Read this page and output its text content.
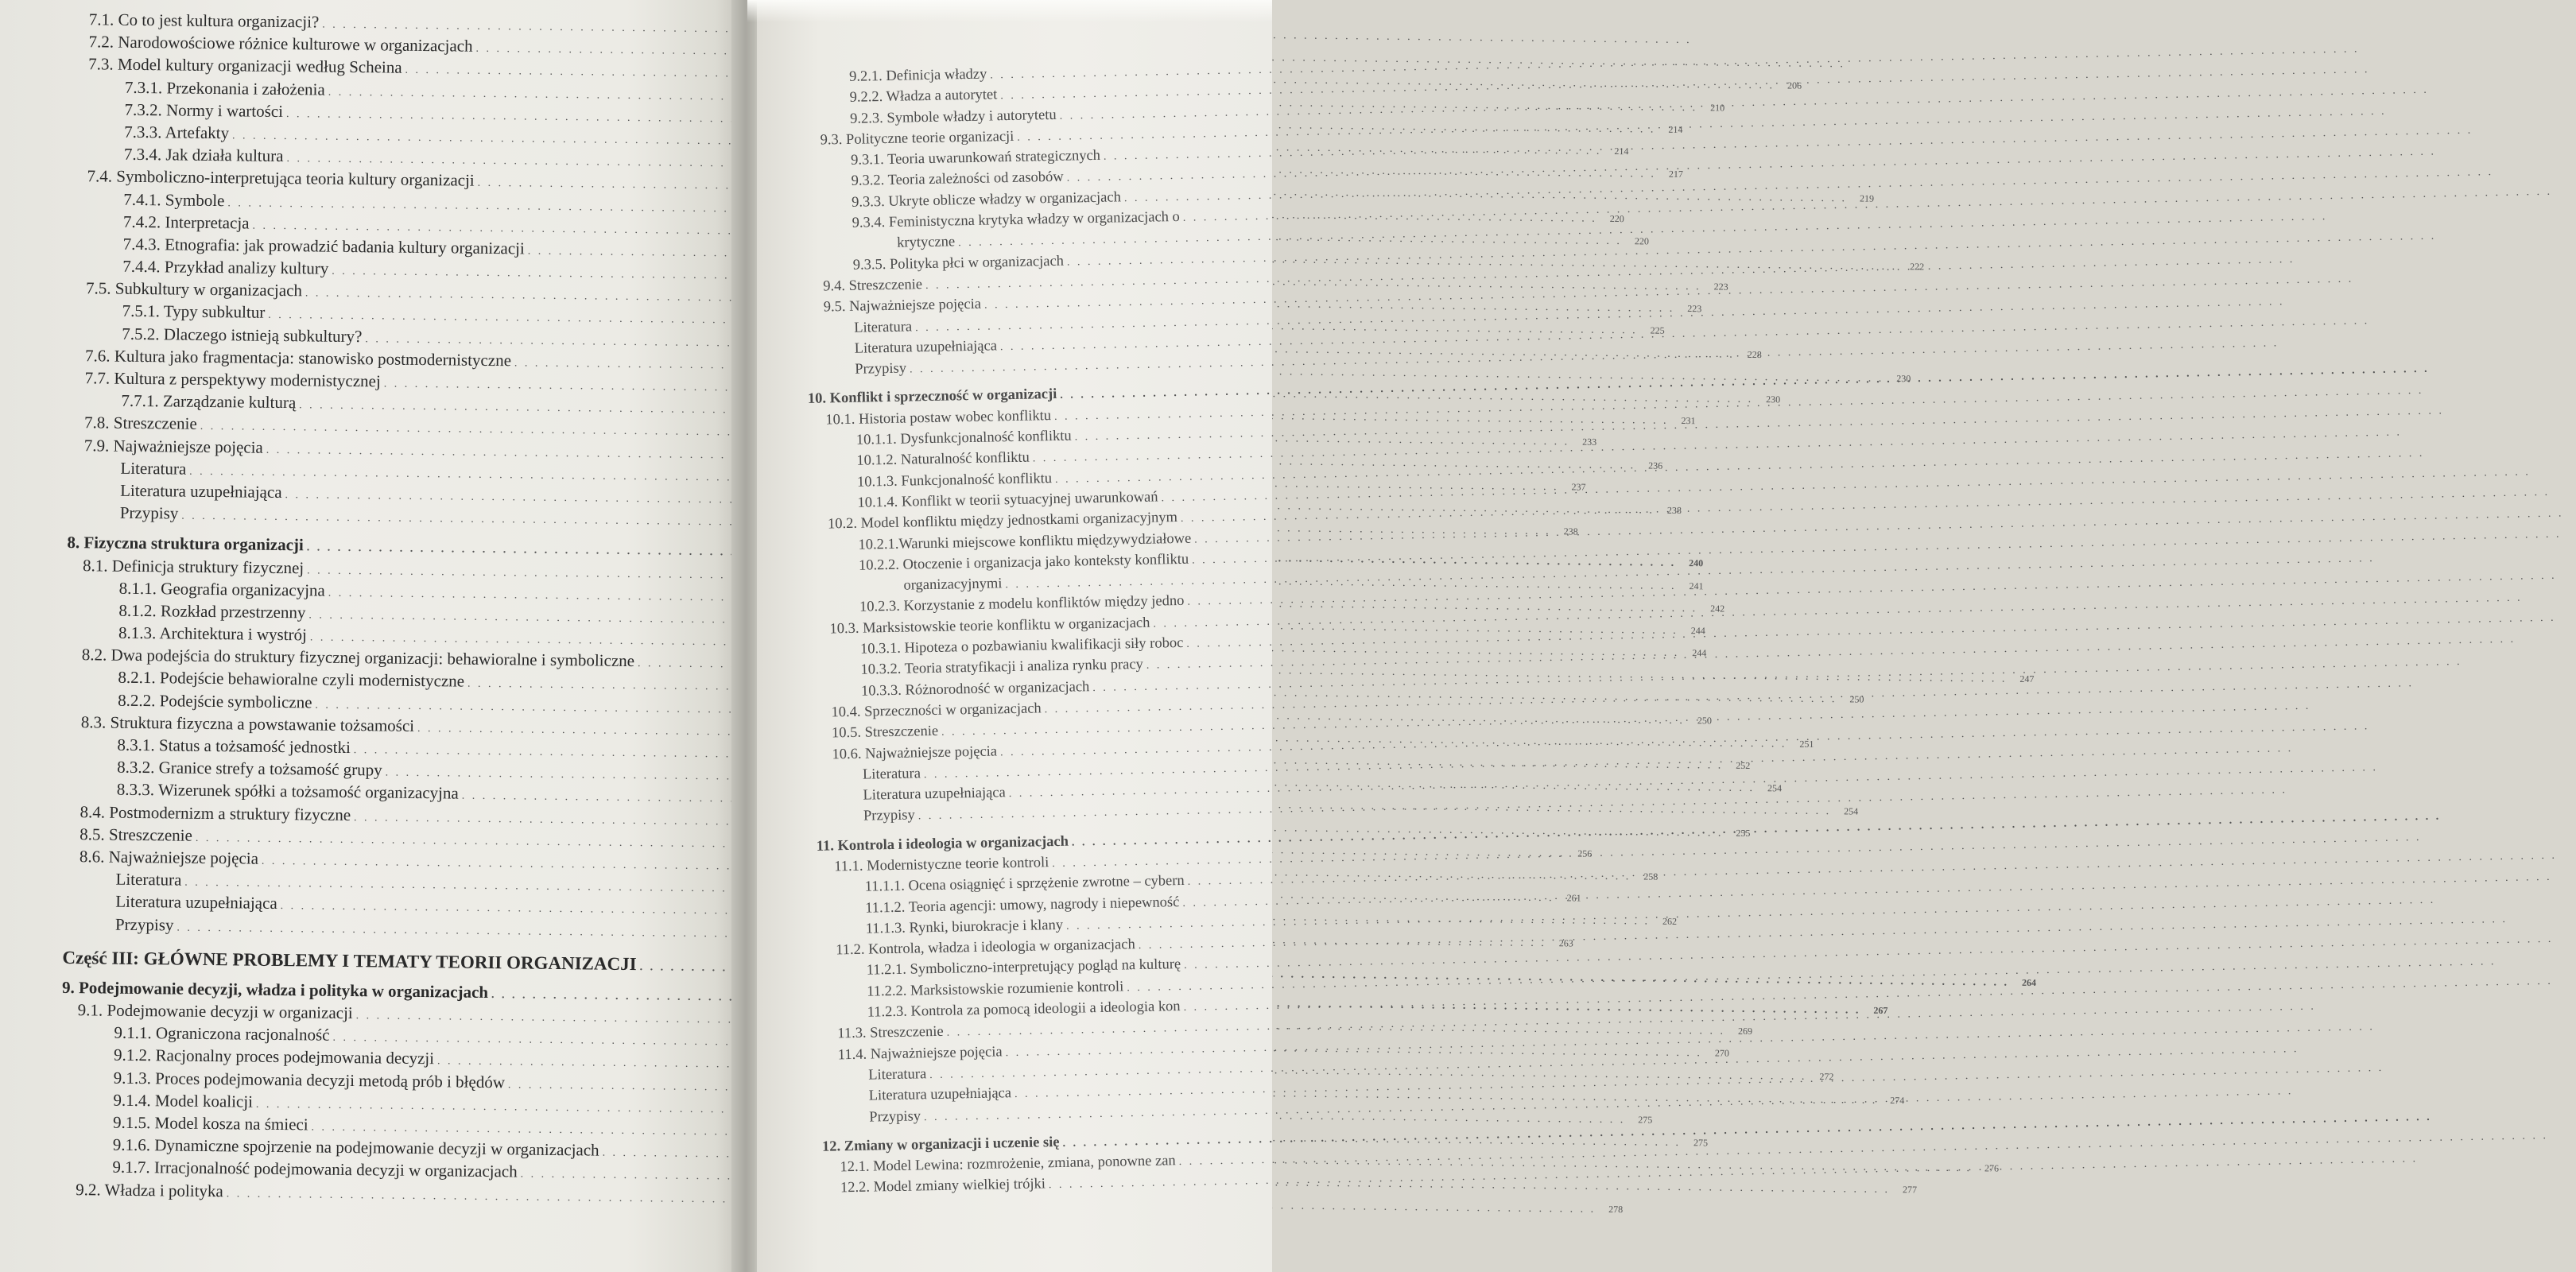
7.1. Co to jest kultura organizacji?
. . .
7.2. Narodowościowe różnice kulturowe w organizacjach
. . .
7.3. Model kultury organizacji według Scheina
. . .
206
7.3.1. Przekonania i założenia
. . .
210
7.3.2. Normy i wartości
. . .
214
7.3.3. Artefakty
. . .
214
7.3.4. Jak działa kultura
. . .
217
7.4. Symboliczno-interpretująca teoria kultury organizacji
. . .
219
7.4.1. Symbole
. . .
220
7.4.2. Interpretacja
. . .
220
7.4.3. Etnografia: jak prowadzić badania kultury organizacji
. . .
222
7.4.4. Przykład analizy kultury
. . .
223
7.5. Subkultury w organizacjach
. . .
223
7.5.1. Typy subkultur
. . .
225
7.5.2. Dlaczego istnieją subkultury?
. . .
228
7.6. Kultura jako fragmentacja: stanowisko postmodernistyczne
. . .
230
7.7. Kultura z perspektywy modernistycznej
. . .
230
7.7.1. Zarządzanie kulturą
. . .
231
7.8. Streszczenie
. . .
233
7.9. Najważniejsze pojęcia
. . .
236
Literatura
. . .
237
Literatura uzupełniająca
. . .
238
Przypisy
. . .
238
8. Fizyczna struktura organizacji
. . .
240
8.1. Definicja struktury fizycznej
. . .
241
8.1.1. Geografia organizacyjna
. . .
242
8.1.2. Rozkład przestrzenny
. . .
244
8.1.3. Architektura i wystrój
. . .
244
8.2. Dwa podejścia do struktury fizycznej organizacji: behawioralne i symboliczne
. . .
247
8.2.1. Podejście behawioralne czyli modernistyczne
. . .
250
8.2.2. Podejście symboliczne
. . .
250
8.3. Struktura fizyczna a powstawanie tożsamości
. . .
251
8.3.1. Status a tożsamość jednostki
. . .
252
8.3.2. Granice strefy a tożsamość grupy
. . .
254
8.3.3. Wizerunek spółki a tożsamość organizacyjna
. . .
254
8.4. Postmodernizm a struktury fizyczne
. . .
255
8.5. Streszczenie
. . .
256
8.6. Najważniejsze pojęcia
. . .
258
Literatura
. . .
261
Literatura uzupełniająca
. . .
262
Przypisy
. . .
263
Część III: GŁÓWNE PROBLEMY I TEMATY TEORII ORGANIZACJI
. . .
264
9. Podejmowanie decyzji, władza i polityka w organizacjach
. . .
267
9.1. Podejmowanie decyzji w organizacji
. . .
269
9.1.1. Ograniczona racjonalność
. . .
270
9.1.2. Racjonalny proces podejmowania decyzji
. . .
272
9.1.3. Proces podejmowania decyzji metodą prób i błędów
. . .
274
9.1.4. Model koalicji
. . .
275
9.1.5. Model kosza na śmieci
. . .
275
9.1.6. Dynamiczne spojrzenie na podejmowanie decyzji w organizacjach
. . .
276
9.1.7. Irracjonalność podejmowania decyzji w organizacjach
. . .
277
9.2. Władza i polityka
. . .
278
9.2.1. Definicja władzy
. . .
9.2.2. Władza a autorytet
. . .
9.2.3. Symbole władzy i autorytetu
. . .
9.3. Polityczne teorie organizacji
. . .
9.3.1. Teoria uwarunkowań strategicznych
. . .
9.3.2. Teoria zależności od zasobów
. . .
9.3.3. Ukryte oblicze władzy w organizacjach
. . .
9.3.4. Feministyczna krytyka władzy w organizacjach o
. . .
krytyczne
. . .
9.3.5. Polityka płci w organizacjach
. . .
9.4. Streszczenie
. . .
9.5. Najważniejsze pojęcia
. . .
Literatura
. . .
Literatura uzupełniająca
. . .
Przypisy
. . .
10. Konflikt i sprzeczność w organizacji
. . .
10.1. Historia postaw wobec konfliktu
. . .
10.1.1. Dysfunkcjonalność konfliktu
. . .
10.1.2. Naturalność konfliktu
. . .
10.1.3. Funkcjonalność konfliktu
. . .
10.1.4. Konflikt w teorii sytuacyjnej uwarunkowań
. . .
10.2. Model konfliktu między jednostkami organizacyjnym
. . .
10.2.1.Warunki miejscowe konfliktu międzywydziałowe
. . .
10.2.2. Otoczenie i organizacja jako konteksty konfliktu
. . .
organizacyjnymi
. . .
10.2.3. Korzystanie z modelu konfliktów między jedno
. . .
10.3. Marksistowskie teorie konfliktu w organizacjach
. . .
10.3.1. Hipoteza o pozbawianiu kwalifikacji siły roboc
. . .
10.3.2. Teoria stratyfikacji i analiza rynku pracy
. . .
10.3.3. Różnorodność w organizacjach
. . .
10.4. Sprzeczności w organizacjach
. . .
10.5. Streszczenie
. . .
10.6. Najważniejsze pojęcia
. . .
Literatura
. . .
Literatura uzupełniająca
. . .
Przypisy
. . .
11. Kontrola i ideologia w organizacjach
. . .
11.1. Modernistyczne teorie kontroli
. . .
11.1.1. Ocena osiągnięć i sprzężenie zwrotne – cybern
. . .
11.1.2. Teoria agencji: umowy, nagrody i niepewność
. . .
11.1.3. Rynki, biurokracje i klany
. . .
11.2. Kontrola, władza i ideologia w organizacjach
. . .
11.2.1. Symboliczno-interpretujący pogląd na kulturę
. . .
11.2.2. Marksistowskie rozumienie kontroli
. . .
11.2.3. Kontrola za pomocą ideologii a ideologia kon
. . .
11.3. Streszczenie
. . .
11.4. Najważniejsze pojęcia
. . .
Literatura
. . .
Literatura uzupełniająca
. . .
Przypisy
. . .
12. Zmiany w organizacji i uczenie się
. . .
12.1. Model Lewina: rozmrożenie, zmiana, ponowne zan
. . .
12.2. Model zmiany wielkiej trójki
. . .
